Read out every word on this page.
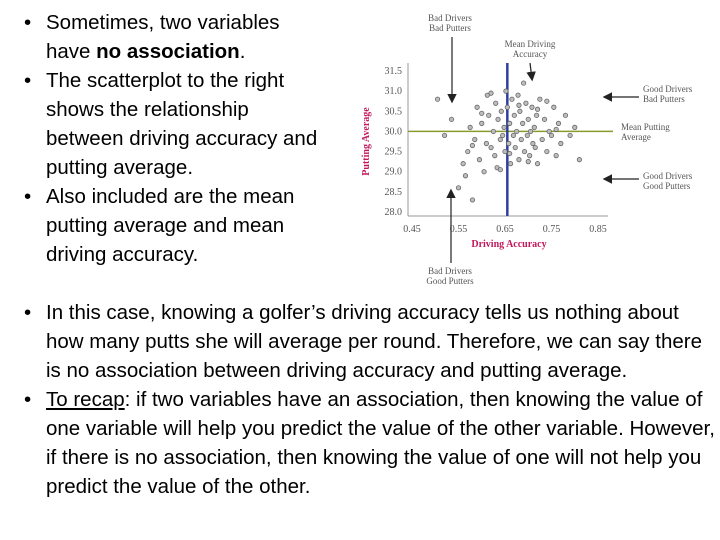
• Sometimes, two variables have no association.
• The scatterplot to the right shows the relationship between driving accuracy and putting average.
• Also included are the mean putting average and mean driving accuracy.
31.5
31.0
30.5
30.0
29.5
29.0
28.5
28.0
0.45	0.55	0.65	0.75	0.85
Driving Accuracy
Putting Average
Bad Drivers
Bad Putters
Mean Driving
Accuracy
Good Drivers
Bad Putters
Mean Putting
Average
Good Drivers
Good Putters
Bad Drivers
Good Putters
• In this case, knowing a golfer’s driving accuracy tells us nothing about how many putts she will average per round. Therefore, we can say there is no association between driving accuracy and putting average.
• To recap: if two variables have an association, then knowing the value of one variable will help you predict the value of the other variable. However, if there is no association, then knowing the value of one will not help you predict the value of the other.
